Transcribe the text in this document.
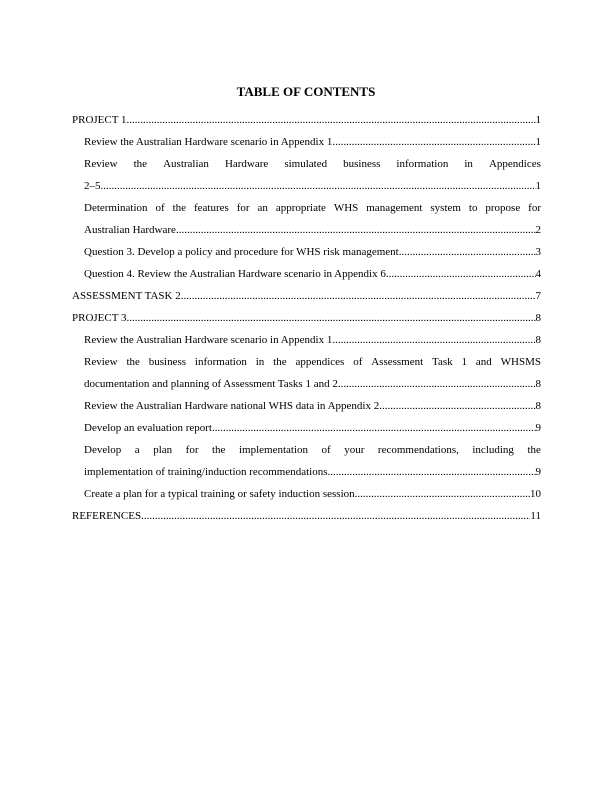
TABLE OF CONTENTS
PROJECT 1 .....	1
Review the Australian Hardware scenario in Appendix 1 .....	1
Review the Australian Hardware simulated business information in Appendices
2–5 .....	1
Determination of the features for an appropriate WHS management system to propose for
Australian Hardware .....	2
Question 3. Develop a policy and procedure for WHS risk management .....	3
Question 4. Review the Australian Hardware scenario in Appendix 6 .....	4
ASSESSMENT TASK 2 .....	7
PROJECT 3 .....	8
Review the Australian Hardware scenario in Appendix 1 .....	8
Review the business information in the appendices of Assessment Task 1 and WHSMS
documentation and planning of Assessment Tasks 1 and 2 .....	8
Review the Australian Hardware national WHS data in Appendix 2 .....	8
Develop an evaluation report .....	9
Develop a plan for the implementation of your recommendations, including the
implementation of training/induction recommendations .....	9
Create a plan for a typical training or safety induction session .....	10
REFERENCES .....	11
